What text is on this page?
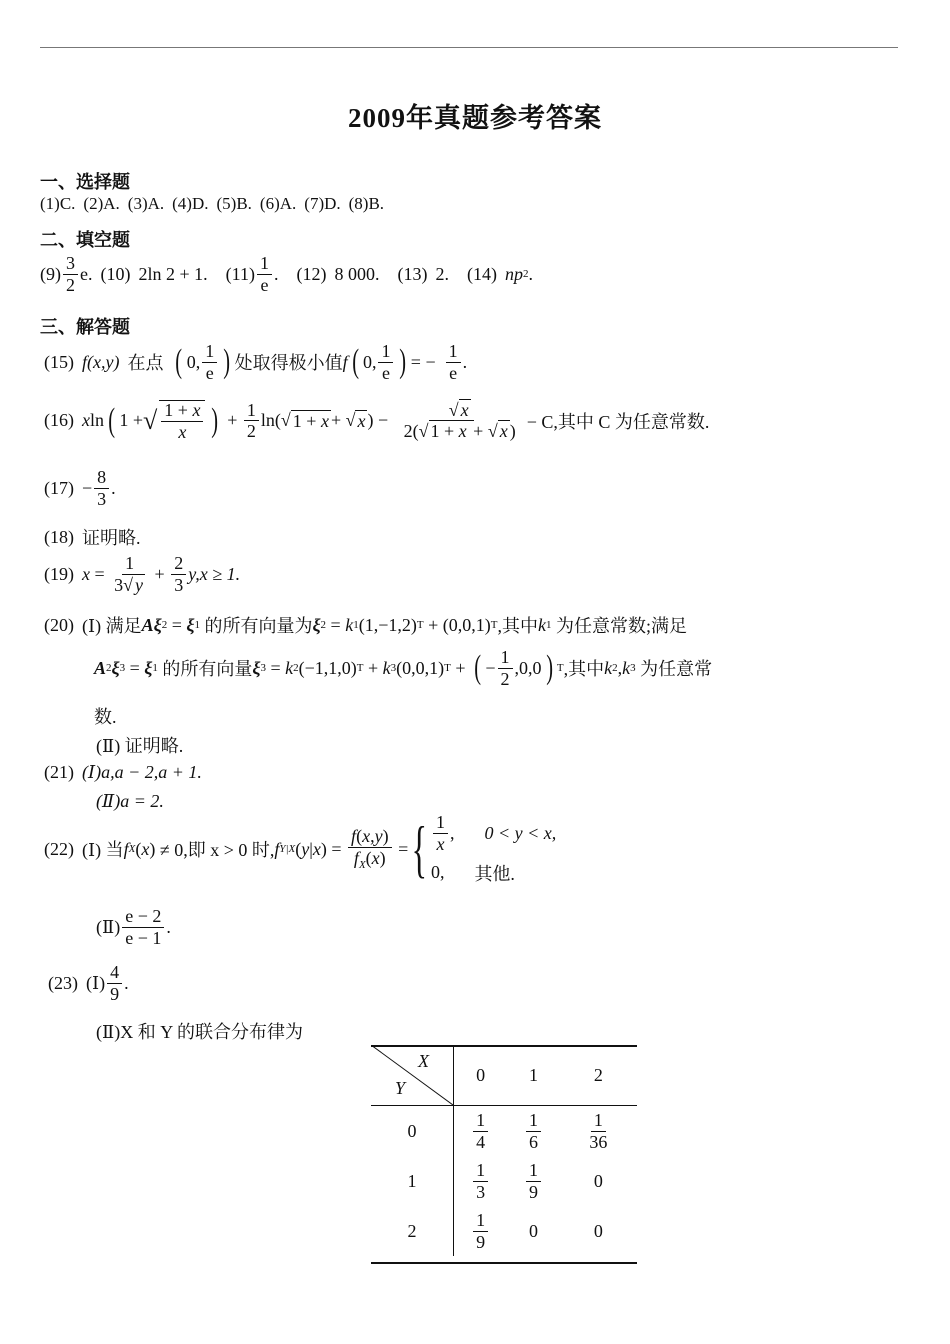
2009年真题参考答案
一、选择题
(1)C. (2)A. (3)A. (4)D. (5)B. (6)A. (7)D. (8)B.
二、填空题
$(9) \frac{3}{2} e$. (10) 2ln 2 + 1. $(11) \frac{1}{e}$ . (12) 8 000. (13) 2. (14) np 2 .
三、解答题
(15) f(x,y) 在点 ( 0, $\frac{1}{e}$ ) 处取得极小值 f ( 0, $\frac{1}{e}$ ) = − $\frac{1}{e}$ .
(16) x ln ( 1 + √ $\frac{1 + x}{x}$ ) + $\frac{1}{2} \ln(√$ 1 + x + √ x ) − $\frac{√ x}{2(√ 1 + x + √ x )} - C$,其中 C 为任意常数.
$(17) - \frac{8}{3}$ .
(18) 证明略.
(19) $x = \frac{1}{3√ y} + \frac{2}{3} y,x \ge 1$.
(20) (Ⅰ) 满足 Aξ 2 = ξ 1
的所有向量为 ξ 2 = k 1 (1,−1,2) T
+ (0,0,1) T ,其中 k 1
为任意常数;满足
A 2 ξ 3 = ξ 1
的所有向量 ξ 3 = k 2 (−1,1,0) T + k 3 (0,0,1) T + ( − $\frac{1}{2} ,0,0$ ) T ,其中 k 2 , k 3
为任意常
数.
(Ⅱ) 证明略.
(21) (Ⅰ)a,a − 2,a + 1.
(Ⅱ)a = 2.
(22) (Ⅰ) 当 f X ( x ) ≠ 0,即 x > 0 时, f Y|X ( y | x ) = $\frac{f(x,y)}{f_X(x)}$ = { $\frac{1}{x}$ , 0 < y < x,
0, 其他.
(Ⅱ) $\frac{e - 2}{e - 1}$ .
(23) (Ⅰ) $\frac{4}{9}$ .
(Ⅱ)X 和 Y 的联合分布律为
X
Y	0	1	2
0	$\frac{1}{4}$	$\frac{1}{6}$	$\frac{1}{36}$

1	$\frac{1}{3}$	$\frac{1}{9}$	0
2	$\frac{1}{9}$	0	0
